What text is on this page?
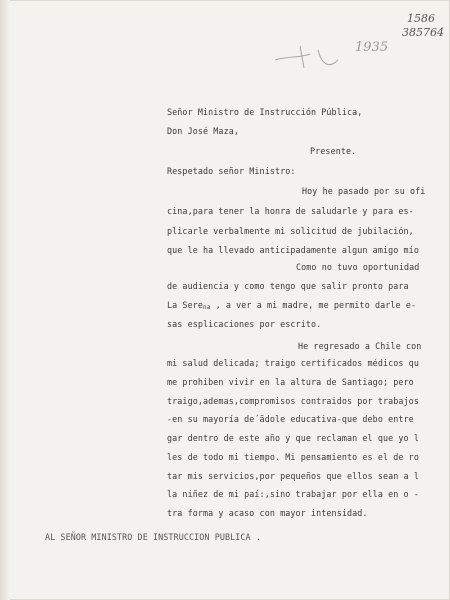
1586
385764
1935
Señor Ministro de Instrucción Pública,
Don José Maza,
Presente.
Respetado señor Ministro:
Hoy he pasado por su ofi
cina,para tener la honra de saludarle y para es-
plicarle verbalmente mi solicitud de jubilación,
que le ha llevado anticipadamente algun amigo mío
Como no tuvo oportunidad
de audiencia y como tengo que salir pronto para
La Serena , a ver a mi madre, me permito darle e-
sas esplicaciones por escrito.
He regresado a Chile con
mi salud delicada; traigo certificados médicos qu
me prohiben vivir en la altura de Santiago; pero
traigo,ademas,compromisos contraidos por trabajos
-en su mayoría de´ãdole educativa-que debo entre
gar dentro de este año y que reclaman el que yo l
les de todo mi tiempo. Mi pensamiento es el de ro
tar mis servicios,por pequeños que ellos sean a l
la niñez de mi paí:,sino trabajar por ella en o -
tra forma y acaso con mayor intensidad.
AL SEÑOR MINISTRO DE INSTRUCCION PUBLICA .
